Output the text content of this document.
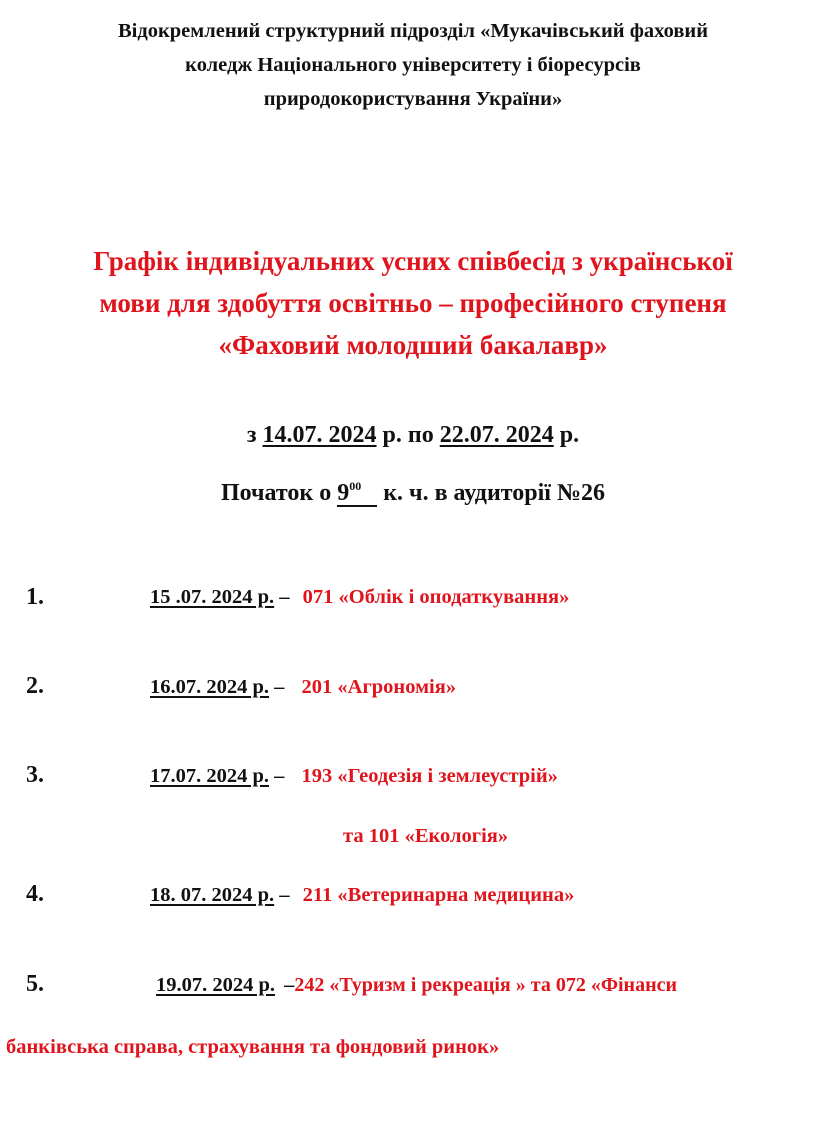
Відокремлений структурний підрозділ «Мукачівський фаховий
коледж Національного університету і біоресурсів
природокористування України»
Графік індивідуальних усних співбесід з української
мови для здобуття освітньо – професійного ступеня
«Фаховий молодший бакалавр»
з 14.07. 2024 р. по 22.07. 2024 р.
Початок о $9^{00}$ к. ч. в аудиторії №26
1.	15 .07. 2024 р. – 071 «Облік і оподаткування»
2.	16.07. 2024 р. – 201 «Агрономія»
3.	17.07. 2024 р. – 193 «Геодезія і землеустрій»
та 101 «Екологія»
4.	18. 07. 2024 р. – 211 «Ветеринарна медицина»
5.	19.07. 2024 р. –242 «Туризм і рекреація » та 072 «Фінанси
банківська справа, страхування та фондовий ринок»
